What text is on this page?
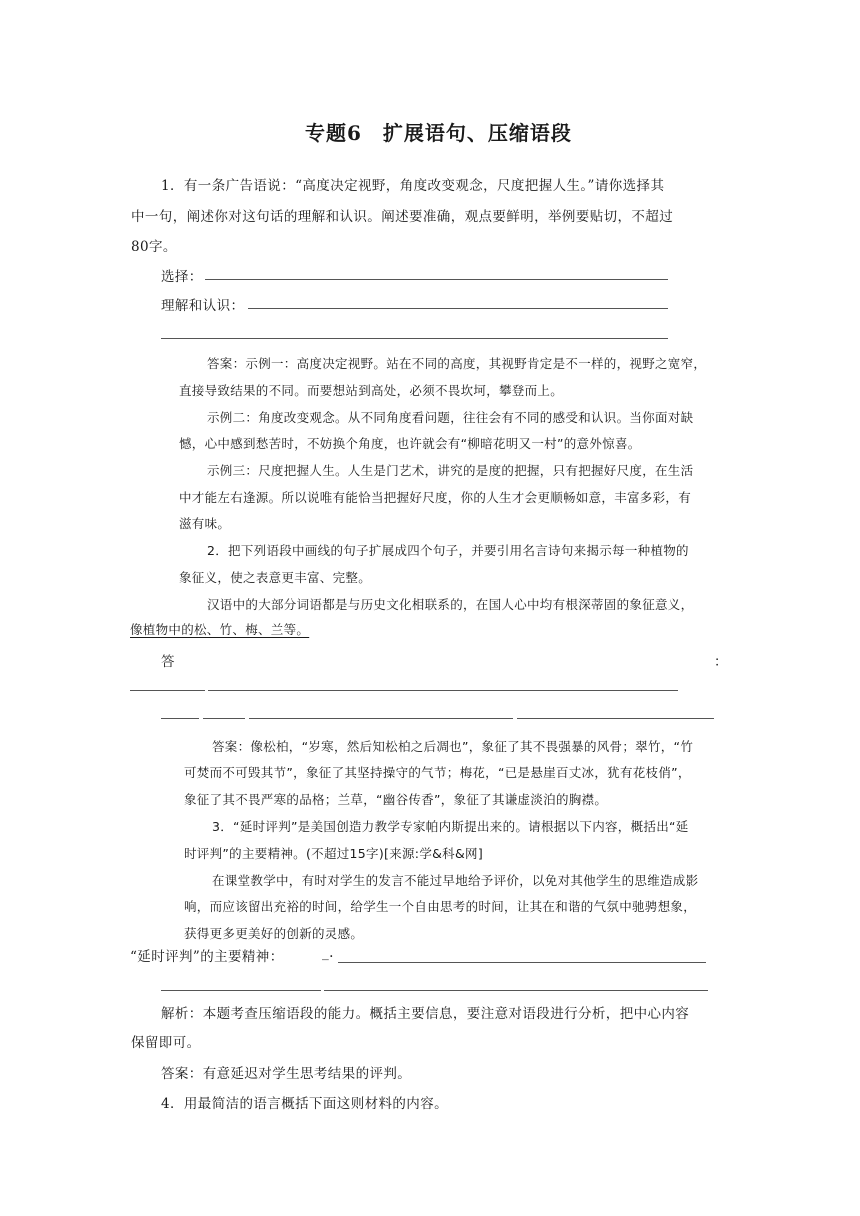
专题6　扩展语句、压缩语段
1．有一条广告语说：“高度决定视野，角度改变观念，尺度把握人生。”请你选择其
中一句，阐述你对这句话的理解和认识。阐述要准确，观点要鲜明，举例要贴切，不超过
80字。
选择：
理解和认识：
答案：示例一：高度决定视野。站在不同的高度，其视野肯定是不一样的，视野之宽窄，
直接导致结果的不同。而要想站到高处，必须不畏坎坷，攀登而上。
示例二：角度改变观念。从不同角度看问题，往往会有不同的感受和认识。当你面对缺
憾，心中感到愁苦时，不妨换个角度，也许就会有“柳暗花明又一村”的意外惊喜。
示例三：尺度把握人生。人生是门艺术，讲究的是度的把握，只有把握好尺度，在生活
中才能左右逢源。所以说唯有能恰当把握好尺度，你的人生才会更顺畅如意，丰富多彩，有
滋有味。
2．把下列语段中画线的句子扩展成四个句子，并要引用名言诗句来揭示每一种植物的
象征义，使之表意更丰富、完整。
汉语中的大部分词语都是与历史文化相联系的，在国人心中均有根深蒂固的象征意义，
像植物中的松、竹、梅、兰等。
答	：
答案：像松柏，“岁寒，然后知松柏之后凋也”，象征了其不畏强暴的风骨；翠竹，“竹
可焚而不可毁其节”，象征了其坚持操守的气节；梅花，“已是悬崖百丈冰，犹有花枝俏”，
象征了其不畏严寒的品格；兰草，“幽谷传香”，象征了其谦虚淡泊的胸襟。
3．“延时评判”是美国创造力教学专家帕内斯提出来的。请根据以下内容，概括出“延
时评判”的主要精神。(不超过15字)[来源:学&科&网]
在课堂教学中，有时对学生的发言不能过早地给予评价，以免对其他学生的思维造成影
响，而应该留出充裕的时间，给学生一个自由思考的时间，让其在和谐的气氛中驰骋想象，
获得更多更美好的创新的灵感。
“延时评判”的主要精神：	_.
解析：本题考查压缩语段的能力。概括主要信息，要注意对语段进行分析，把中心内容
保留即可。
答案：有意延迟对学生思考结果的评判。
4．用最简洁的语言概括下面这则材料的内容。
